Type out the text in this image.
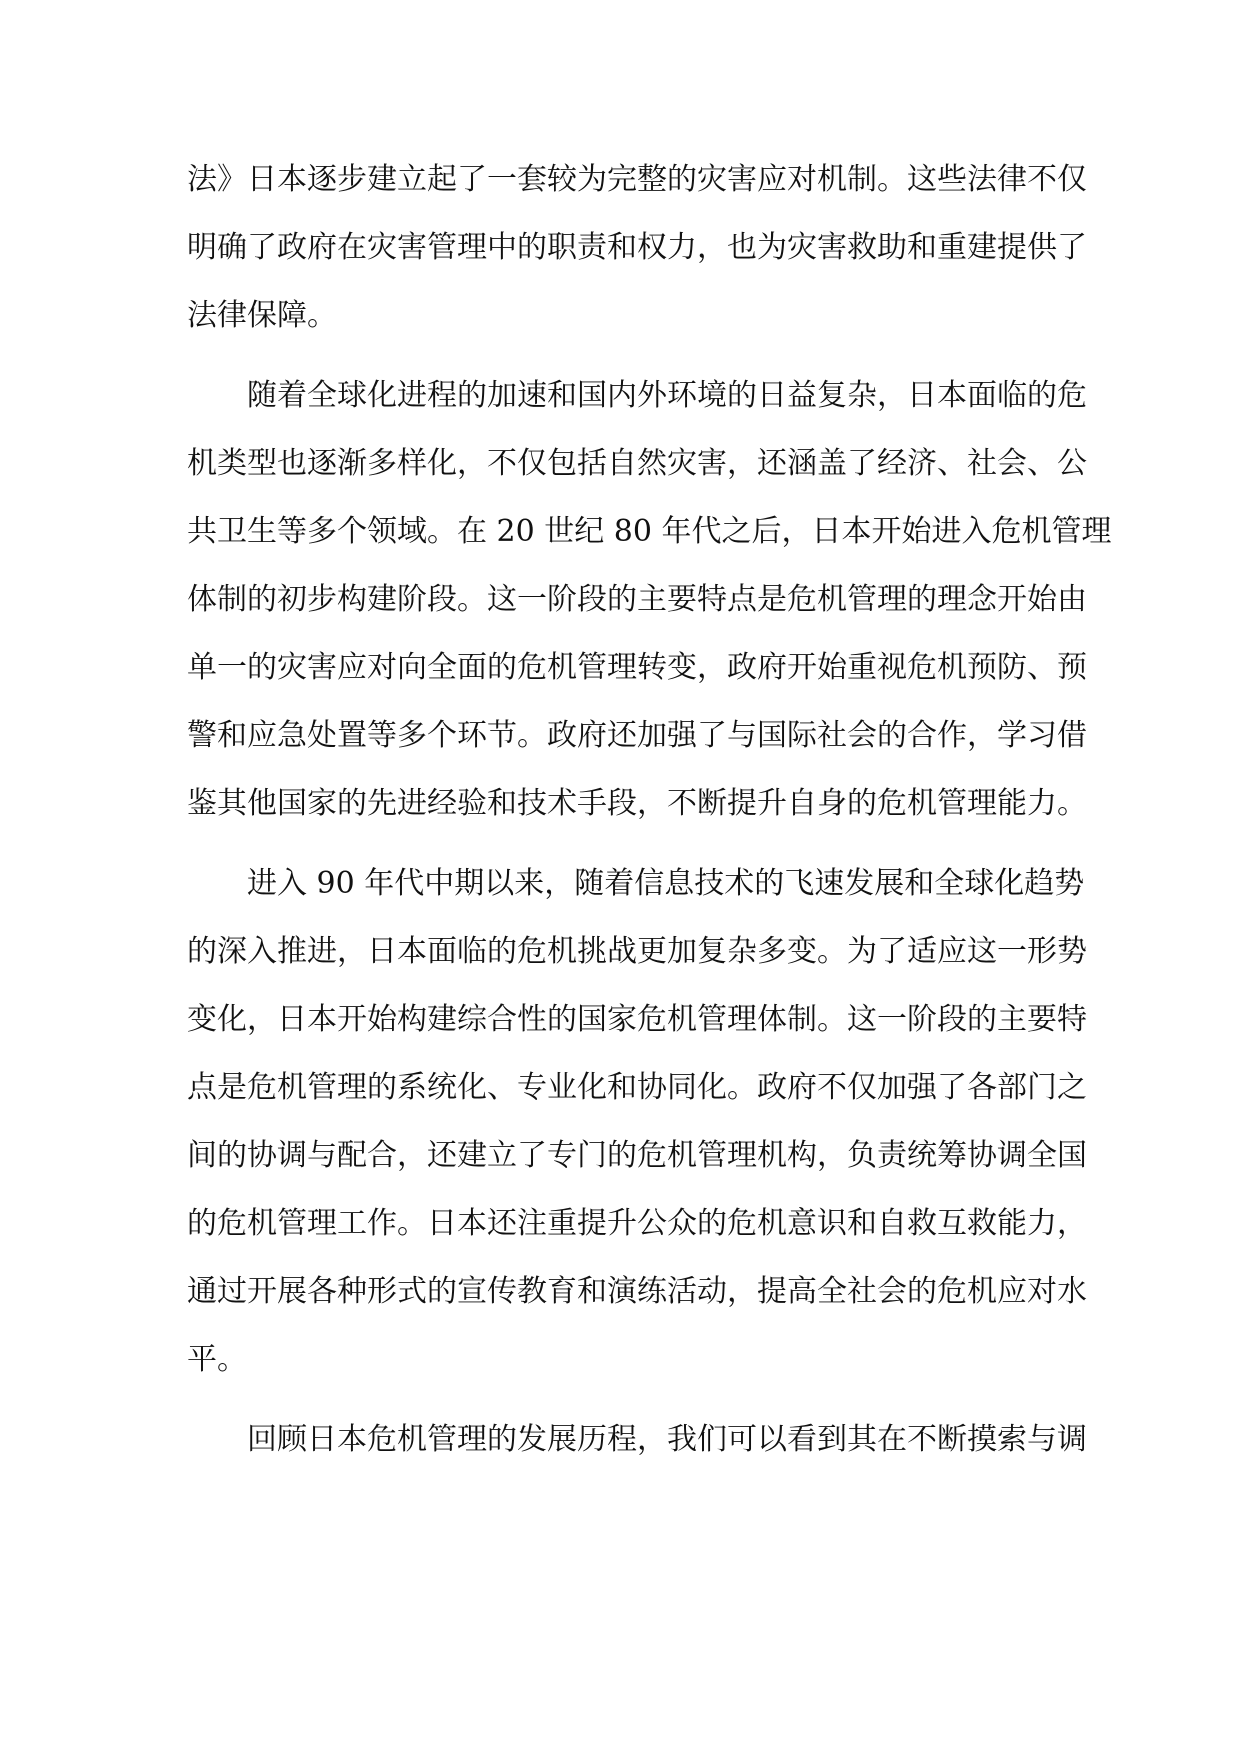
法》日本逐步建立起了一套较为完整的灾害应对机制。这些法律不仅
明确了政府在灾害管理中的职责和权力，也为灾害救助和重建提供了
法律保障。
随着全球化进程的加速和国内外环境的日益复杂，日本面临的危
机类型也逐渐多样化，不仅包括自然灾害，还涵盖了经济、社会、公
共卫生等多个领域。在 20 世纪 80 年代之后，日本开始进入危机管理
体制的初步构建阶段。这一阶段的主要特点是危机管理的理念开始由
单一的灾害应对向全面的危机管理转变，政府开始重视危机预防、预
警和应急处置等多个环节。政府还加强了与国际社会的合作，学习借
鉴其他国家的先进经验和技术手段，不断提升自身的危机管理能力。
进入 90 年代中期以来，随着信息技术的飞速发展和全球化趋势
的深入推进，日本面临的危机挑战更加复杂多变。为了适应这一形势
变化，日本开始构建综合性的国家危机管理体制。这一阶段的主要特
点是危机管理的系统化、专业化和协同化。政府不仅加强了各部门之
间的协调与配合，还建立了专门的危机管理机构，负责统筹协调全国
的危机管理工作。日本还注重提升公众的危机意识和自救互救能力，
通过开展各种形式的宣传教育和演练活动，提高全社会的危机应对水
平。
回顾日本危机管理的发展历程，我们可以看到其在不断摸索与调
